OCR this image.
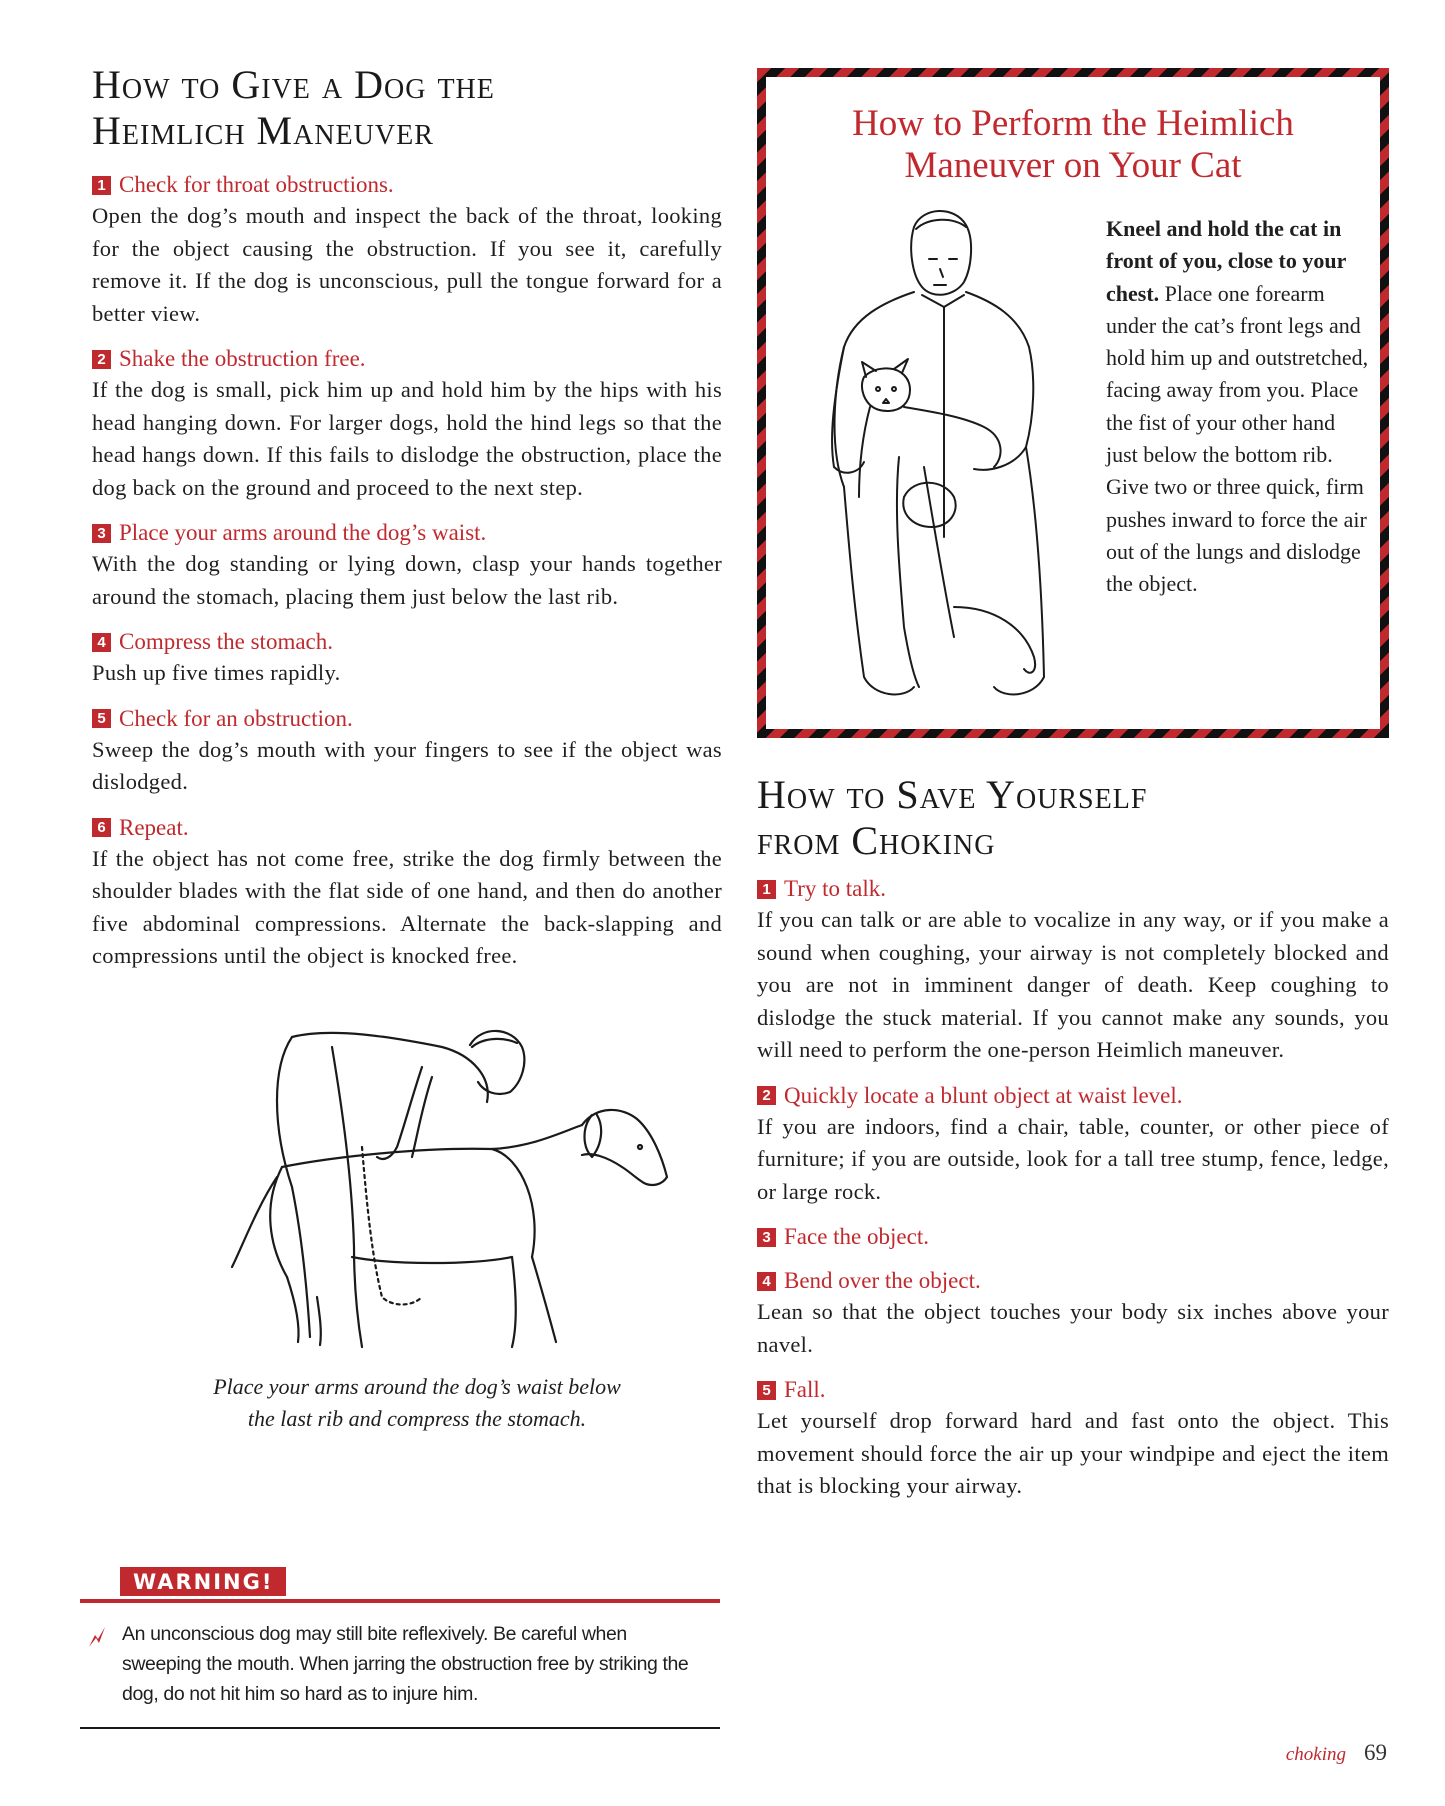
How to Give a Dog the
Heimlich Maneuver
1 Check for throat obstructions.
Open the dog’s mouth and inspect the back of the throat, looking for the object causing the obstruction. If you see it, carefully remove it. If the dog is unconscious, pull the tongue forward for a better view.
2 Shake the obstruction free.
If the dog is small, pick him up and hold him by the hips with his head hanging down. For larger dogs, hold the hind legs so that the head hangs down. If this fails to dislodge the obstruction, place the dog back on the ground and proceed to the next step.
3 Place your arms around the dog’s waist.
With the dog standing or lying down, clasp your hands together around the stomach, placing them just below the last rib.
4 Compress the stomach.
Push up five times rapidly.
5 Check for an obstruction.
Sweep the dog’s mouth with your fingers to see if the object was dislodged.
6 Repeat.
If the object has not come free, strike the dog firmly between the shoulder blades with the flat side of one hand, and then do another five abdominal compressions. Alternate the back-slapping and compressions until the object is knocked free.
Place your arms around the dog’s waist below
the last rib and compress the stomach.
WARNING!
An unconscious dog may still bite reflexively. Be careful when sweeping the mouth. When jarring the obstruction free by striking the dog, do not hit him so hard as to injure him.
How to Perform the Heimlich
Maneuver on Your Cat
Kneel and hold the cat in front of you, close to your chest. Place one forearm under the cat’s front legs and hold him up and outstretched, facing away from you. Place the fist of your other hand just below the bottom rib. Give two or three quick, firm pushes inward to force the air out of the lungs and dislodge the object.
How to Save Yourself
from Choking
1 Try to talk.
If you can talk or are able to vocalize in any way, or if you make a sound when coughing, your airway is not completely blocked and you are not in imminent danger of death. Keep coughing to dislodge the stuck material. If you cannot make any sounds, you will need to perform the one-person Heimlich maneuver.
2 Quickly locate a blunt object at waist level.
If you are indoors, find a chair, table, counter, or other piece of furniture; if you are outside, look for a tall tree stump, fence, ledge, or large rock.
3 Face the object.
4 Bend over the object.
Lean so that the object touches your body six inches above your navel.
5 Fall.
Let yourself drop forward hard and fast onto the object. This movement should force the air up your windpipe and eject the item that is blocking your airway.
choking 69
